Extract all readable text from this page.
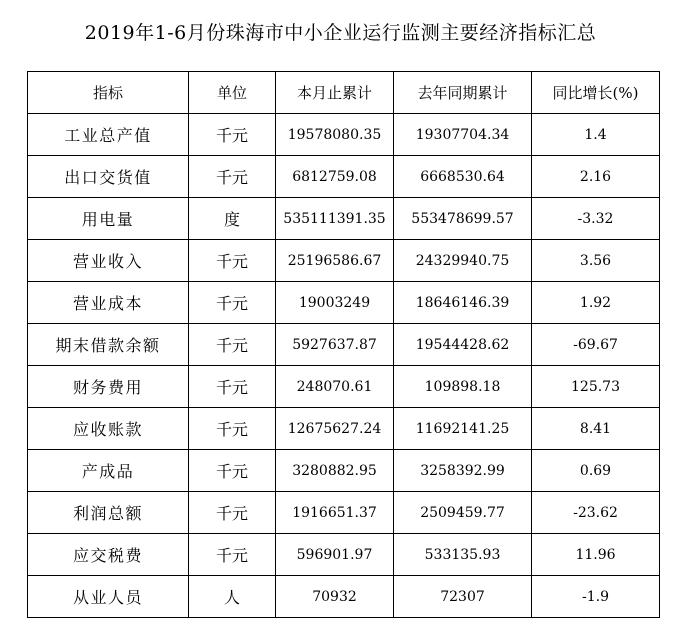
2019年1-6月份珠海市中小企业运行监测主要经济指标汇总
指标	单位	本月止累计	去年同期累计	同比增长(%)
工业总产值	千元	19578080.35	19307704.34	1.4
出口交货值	千元	6812759.08	6668530.64	2.16
用电量	度	535111391.35	553478699.57	-3.32
营业收入	千元	25196586.67	24329940.75	3.56
营业成本	千元	19003249	18646146.39	1.92
期末借款余额	千元	5927637.87	19544428.62	-69.67
财务费用	千元	248070.61	109898.18	125.73
应收账款	千元	12675627.24	11692141.25	8.41
产成品	千元	3280882.95	3258392.99	0.69
利润总额	千元	1916651.37	2509459.77	-23.62
应交税费	千元	596901.97	533135.93	11.96
从业人员	人	70932	72307	-1.9
